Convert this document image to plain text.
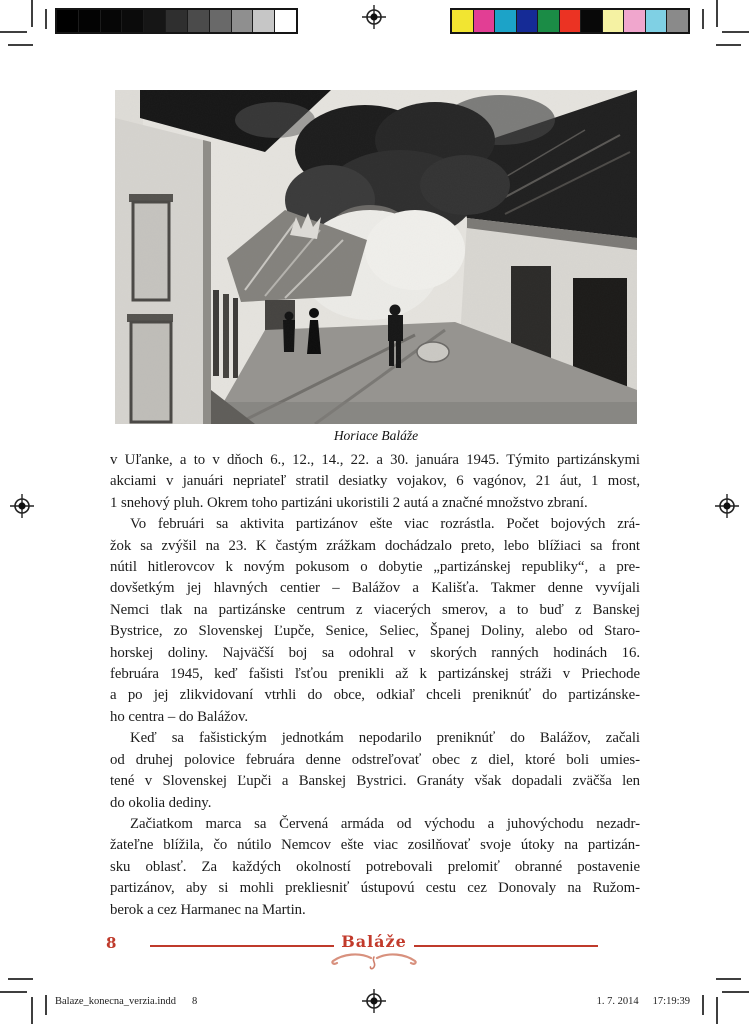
Horiace Baláže

v Uľanke, a to v dňoch 6., 12., 14., 22. a 30. januára 1945. Týmito partizánskymi
akciami v januári nepriateľ stratil desiatky vojakov, 6 vagónov, 21 áut, 1 most,
1 snehový pluh. Okrem toho partizáni ukoristili 2 autá a značné množstvo zbraní.

Vo februári sa aktivita partizánov ešte viac rozrástla. Počet bojových zrá-
žok sa zvýšil na 23. K častým zrážkam dochádzalo preto, lebo blížiaci sa front
nútil hitlerovcov k novým pokusom o dobytie „partizánskej republiky“, a pre-
dovšetkým jej hlavných centier – Balážov a Kališťa. Takmer denne vyvíjali
Nemci tlak na partizánske centrum z viacerých smerov, a to buď z Banskej
Bystrice, zo Slovenskej Ľupče, Senice, Seliec, Španej Doliny, alebo od Staro-
horskej doliny. Najväčší boj sa odohral v skorých ranných hodinách 16.
februára 1945, keď fašisti ľsťou prenikli až k partizánskej stráži v Priechode
a po jej zlikvidovaní vtrhli do obce, odkiaľ chceli preniknúť do partizánske-
ho centra – do Balážov.

Keď sa fašistickým jednotkám nepodarilo preniknúť do Balážov, začali
od druhej polovice februára denne odstreľovať obec z diel, ktoré boli umies-
tené v Slovenskej Ľupči a Banskej Bystrici. Granáty však dopadali zväčša len
do okolia dediny.

Začiatkom marca sa Červená armáda od východu a juhovýchodu nezadr-
žateľne blížila, čo nútilo Nemcov ešte viac zosilňovať svoje útoky na partizán-
sku oblasť. Za každých okolností potrebovali prelomiť obranné postavenie
partizánov, aby si mohli prekliesniť ústupovú cestu cez Donovaly na Ružom-
berok a cez Harmanec na Martin.

8	Baláže
Balaze_konecna_verzia.indd 8	1. 7. 2014 17:19:39
